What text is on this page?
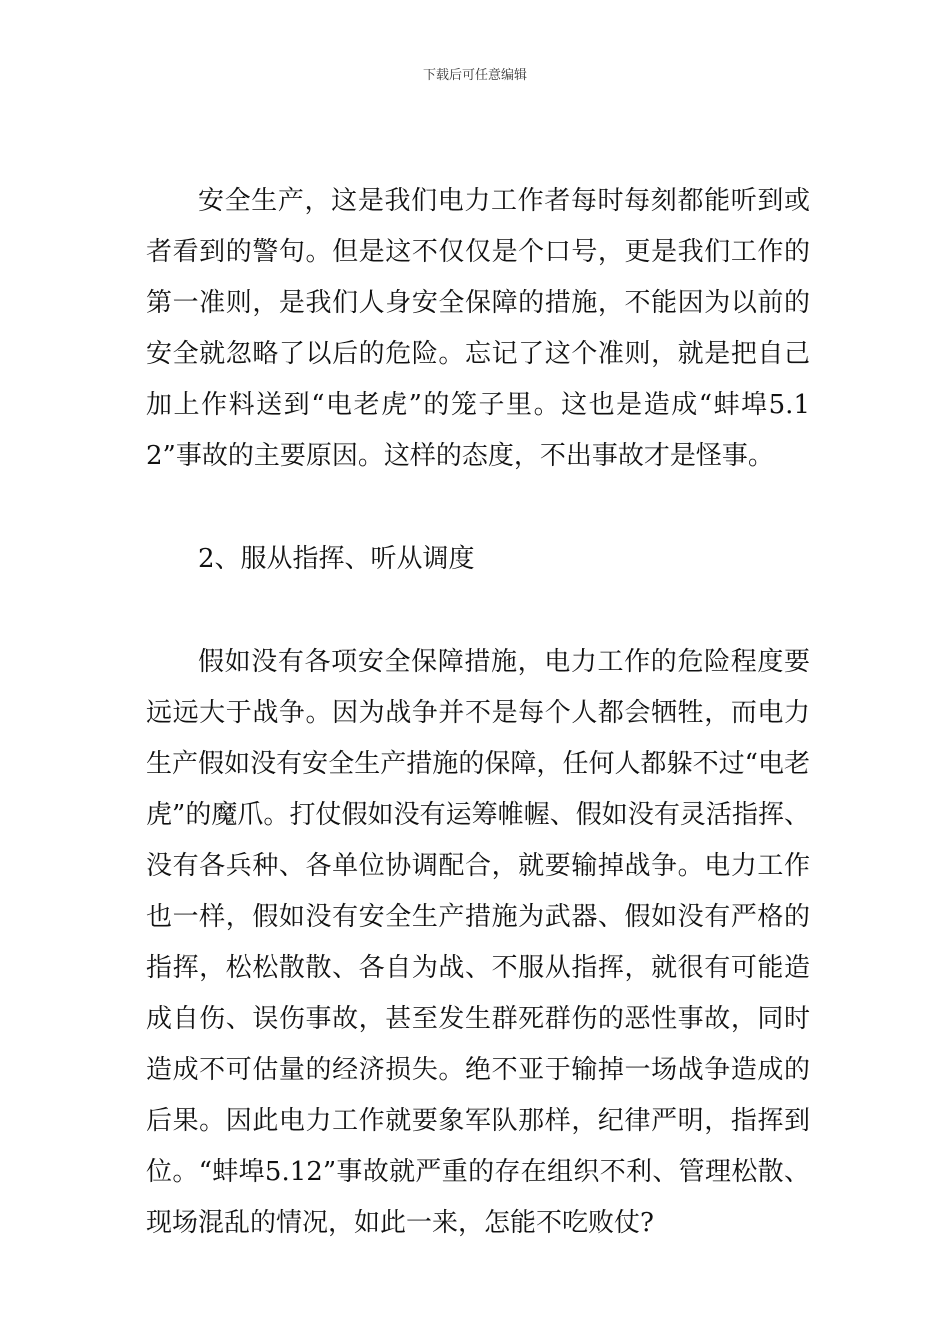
下载后可任意编辑

安全生产，这是我们电力工作者每时每刻都能听到或者看到的警句。但是这不仅仅是个口号，更是我们工作的第一准则，是我们人身安全保障的措施，不能因为以前的安全就忽略了以后的危险。忘记了这个准则，就是把自己加上作料送到“电老虎”的笼子里。这也是造成“蚌埠5.12”事故的主要原因。这样的态度，不出事故才是怪事。

2、服从指挥、听从调度

假如没有各项安全保障措施，电力工作的危险程度要远远大于战争。因为战争并不是每个人都会牺牲，而电力生产假如没有安全生产措施的保障，任何人都躲不过“电老虎”的魔爪。打仗假如没有运筹帷幄、假如没有灵活指挥、没有各兵种、各单位协调配合，就要输掉战争。电力工作也一样，假如没有安全生产措施为武器、假如没有严格的指挥，松松散散、各自为战、不服从指挥，就很有可能造成自伤、误伤事故，甚至发生群死群伤的恶性事故，同时造成不可估量的经济损失。绝不亚于输掉一场战争造成的后果。因此电力工作就要象军队那样，纪律严明，指挥到位。“蚌埠5.12”事故就严重的存在组织不利、管理松散、现场混乱的情况，如此一来，怎能不吃败仗?
